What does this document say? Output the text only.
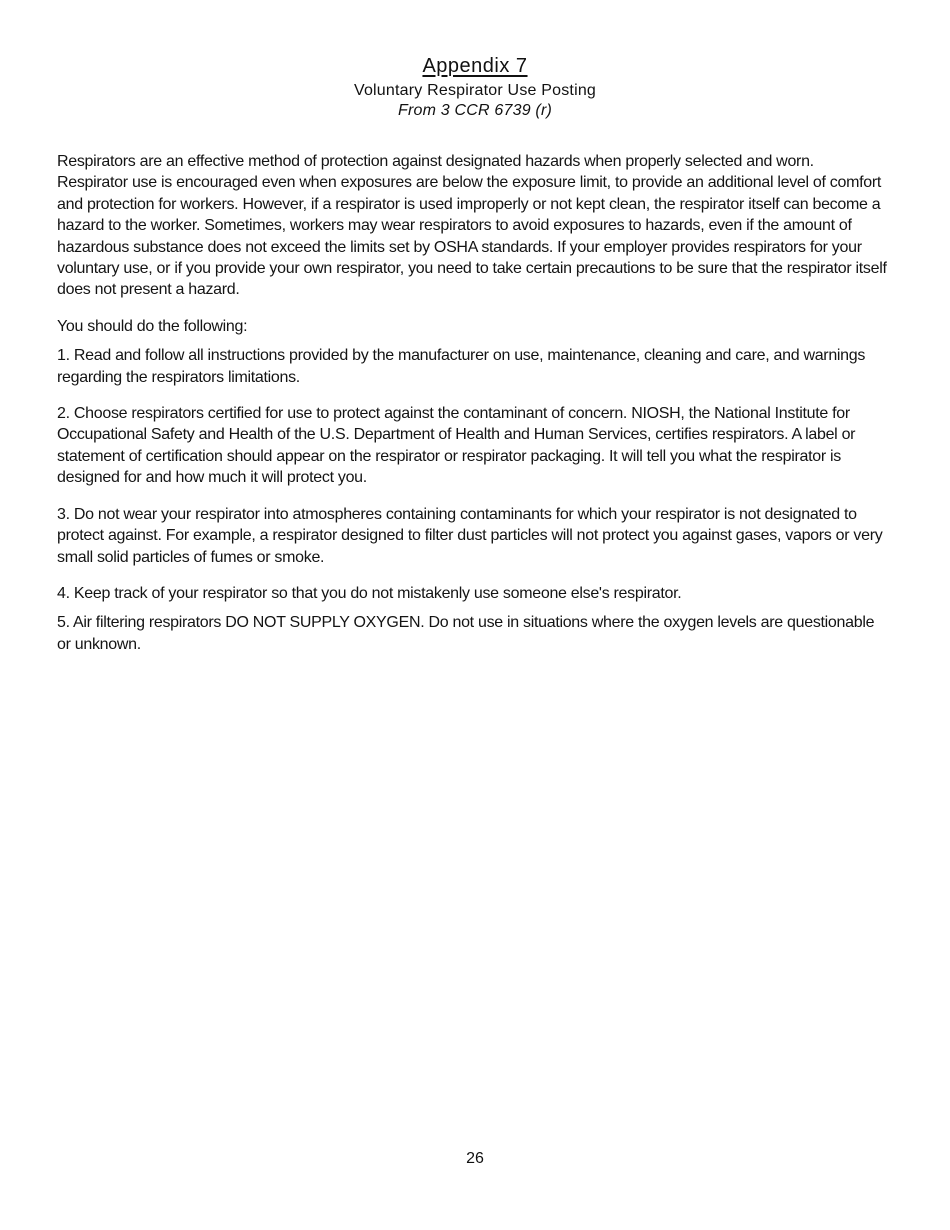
Appendix 7
Voluntary Respirator Use Posting
From 3 CCR 6739 (r)

Respirators are an effective method of protection against designated hazards when properly selected and worn. Respirator use is encouraged even when exposures are below the exposure limit, to provide an additional level of comfort and protection for workers. However, if a respirator is used improperly or not kept clean, the respirator itself can become a hazard to the worker. Sometimes, workers may wear respirators to avoid exposures to hazards, even if the amount of hazardous substance does not exceed the limits set by OSHA standards. If your employer provides respirators for your voluntary use, or if you provide your own respirator, you need to take certain precautions to be sure that the respirator itself does not present a hazard.

You should do the following:

1. Read and follow all instructions provided by the manufacturer on use, maintenance, cleaning and care, and warnings regarding the respirators limitations.

2. Choose respirators certified for use to protect against the contaminant of concern. NIOSH, the National Institute for Occupational Safety and Health of the U.S. Department of Health and Human Services, certifies respirators. A label or statement of certification should appear on the respirator or respirator packaging. It will tell you what the respirator is designed for and how much it will protect you.

3. Do not wear your respirator into atmospheres containing contaminants for which your respirator is not designated to protect against. For example, a respirator designed to filter dust particles will not protect you against gases, vapors or very small solid particles of fumes or smoke.

4. Keep track of your respirator so that you do not mistakenly use someone else's respirator.

5. Air filtering respirators DO NOT SUPPLY OXYGEN. Do not use in situations where the oxygen levels are questionable or unknown.

26
